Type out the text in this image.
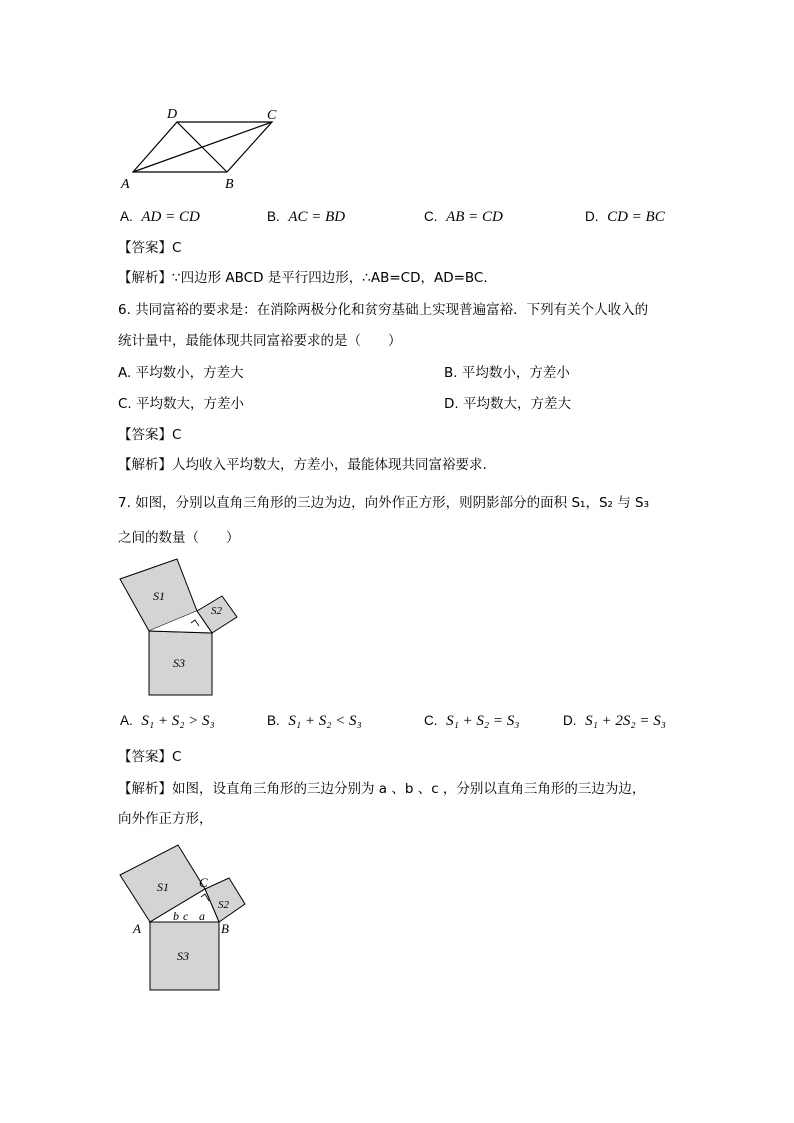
D	C
A	B
A. AD = CD	B. AC = BD	C. AB = CD	D. CD = BC
【答案】C
【解析】∵四边形 ABCD 是平行四边形，∴AB=CD，AD=BC.
6. 共同富裕的要求是：在消除两极分化和贫穷基础上实现普遍富裕．下列有关个人收入的
统计量中，最能体现共同富裕要求的是（　　）
A. 平均数小，方差大	B. 平均数小，方差小
C. 平均数大，方差小	D. 平均数大，方差大
【答案】C
【解析】人均收入平均数大，方差小，最能体现共同富裕要求.
7. 如图，分别以直角三角形的三边为边，向外作正方形，则阴影部分的面积 S₁，S₂ 与 S₃
之间的数量（　　）
S1
S2
S3
A. S₁ + S₂ > S₃	B. S₁ + S₂ < S₃	C. S₁ + S₂ = S₃	D. S₁ + 2S₂ = S₃
【答案】C
【解析】如图，设直角三角形的三边分别为 a 、b 、c ，分别以直角三角形的三边为边，
向外作正方形，
S1
S2
S3
A	B
C
a
b c
